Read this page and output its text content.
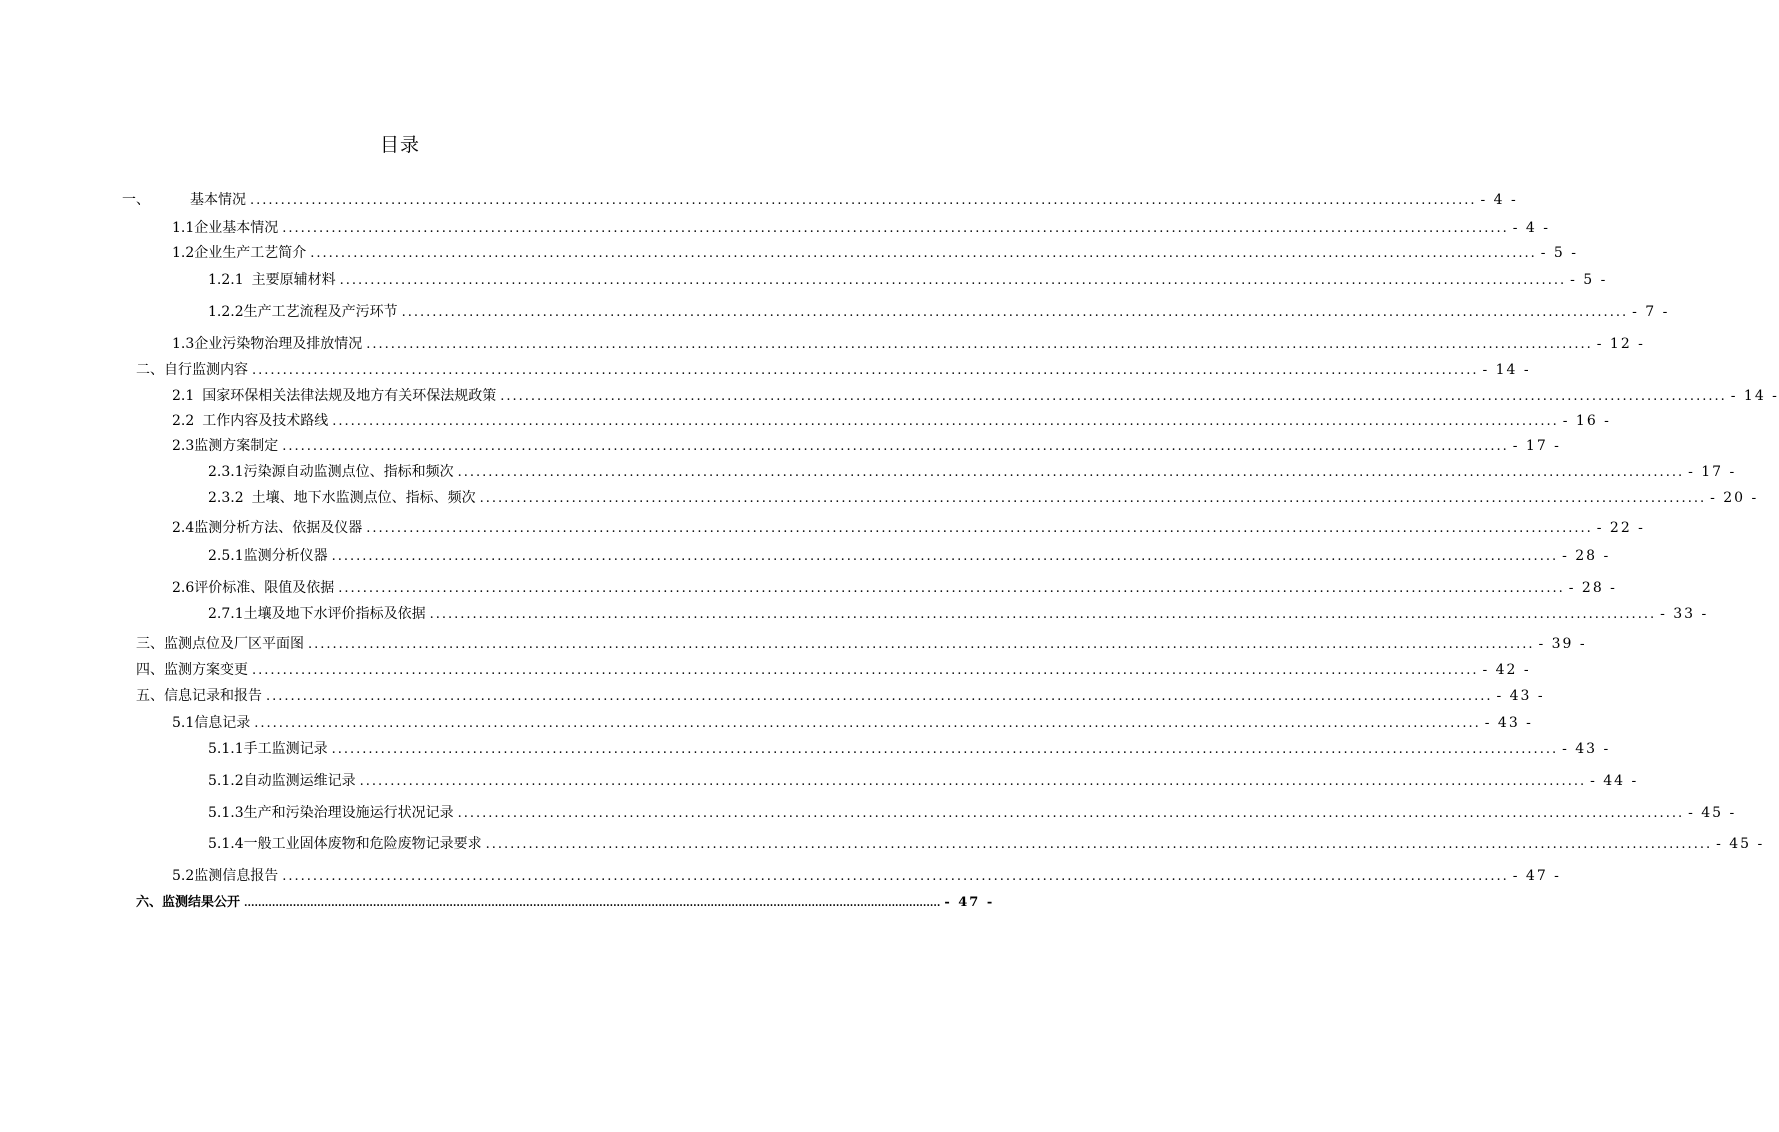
目录
一、	基本情况 ........................................................................................................................................................................................................ - 4 -
1.1 企业基本情况 ........................................................................................................................................................................................................ - 4 -
1.2 企业生产工艺简介 ........................................................................................................................................................................................................ - 5 -
1.2.1 主要原辅材料 ........................................................................................................................................................................................................ - 5 -
1.2.2 生产工艺流程及产污环节 ........................................................................................................................................................................................................ - 7 -
1.3 企业污染物治理及排放情况 ........................................................................................................................................................................................................ - 12 -
二、 自行监测内容 ........................................................................................................................................................................................................ - 14 -
2.1 国家环保相关法律法规及地方有关环保法规政策 ........................................................................................................................................................................................................ - 14 -
2.2 工作内容及技术路线 ........................................................................................................................................................................................................ - 16 -
2.3 监测方案制定 ........................................................................................................................................................................................................ - 17 -
2.3.1 污染源自动监测点位、指标和频次 ........................................................................................................................................................................................................ - 17 -
2.3.2 土壤、地下水监测点位、指标、频次 ........................................................................................................................................................................................................ - 20 -
2.4 监测分析方法、依据及仪器 ........................................................................................................................................................................................................ - 22 -
2.5.1 监测分析仪器 ........................................................................................................................................................................................................ - 28 -
2.6 评价标准、限值及依据 ........................................................................................................................................................................................................ - 28 -
2.7.1 土壤及地下水评价指标及依据 ........................................................................................................................................................................................................ - 33 -
三、 监测点位及厂区平面图 ........................................................................................................................................................................................................ - 39 -
四、 监测方案变更 ........................................................................................................................................................................................................ - 42 -
五、 信息记录和报告 ........................................................................................................................................................................................................ - 43 -
5.1 信息记录 ........................................................................................................................................................................................................ - 43 -
5.1.1 手工监测记录 ........................................................................................................................................................................................................ - 43 -
5.1.2 自动监测运维记录 ........................................................................................................................................................................................................ - 44 -
5.1.3 生产和污染治理设施运行状况记录 ........................................................................................................................................................................................................ - 45 -
5.1.4 一般工业固体废物和危险废物记录要求 ........................................................................................................................................................................................................ - 45 -
5.2 监测信息报告 ........................................................................................................................................................................................................ - 47 -
六、 监测结果公开 ........................................................................................................................................................................................................ - 47 -
